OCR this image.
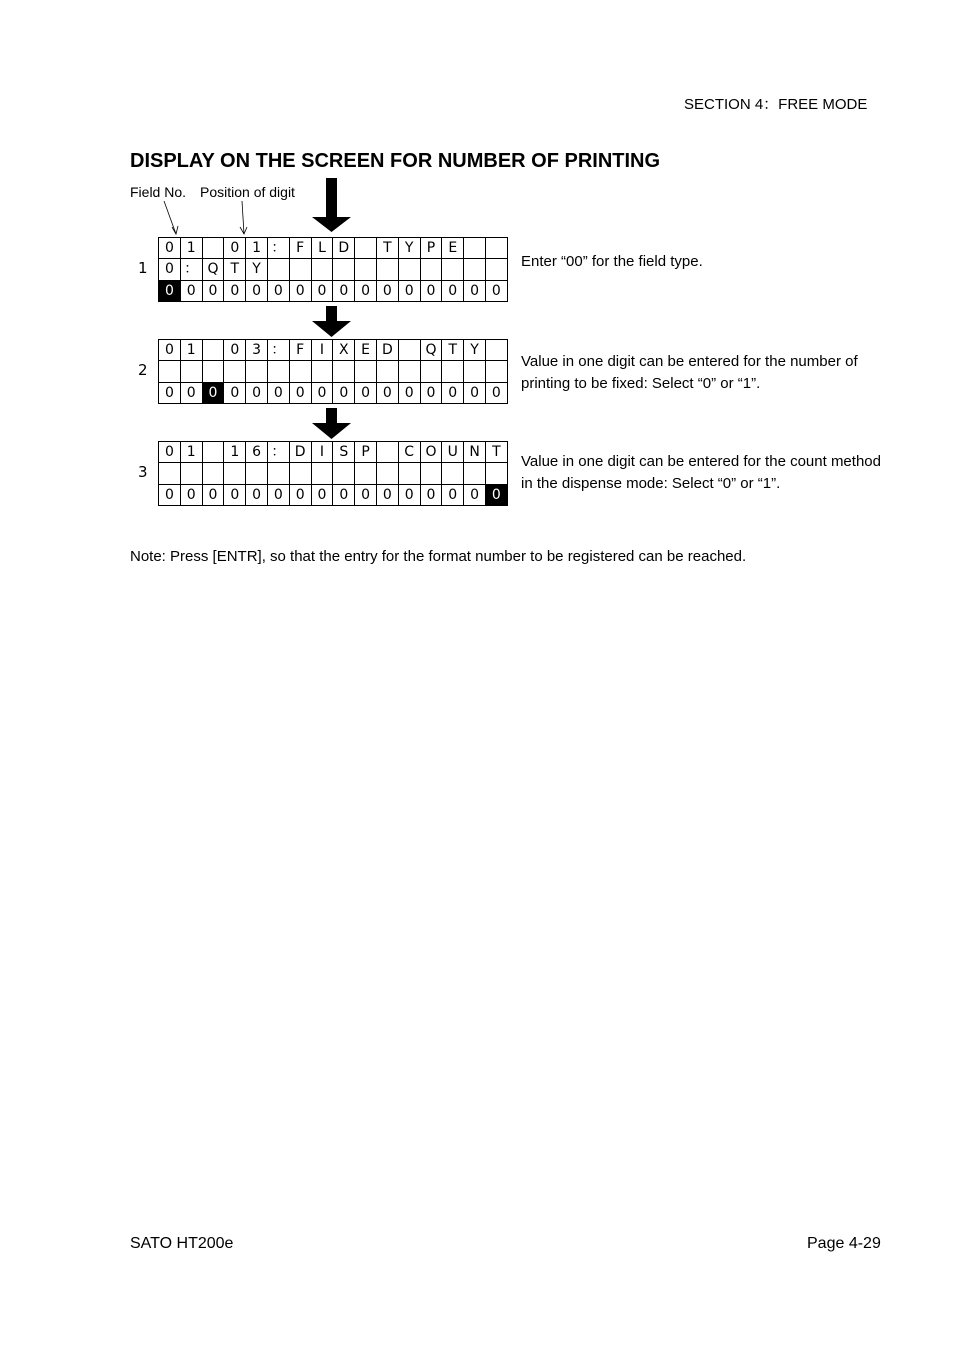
SECTION 4：FREE MODE
DISPLAY ON THE SCREEN FOR NUMBER OF PRINTING
Field No. Position of digit
1
0	1		0	1	：	F	L	D		T	Y	P	E		
0	：	Q	T	Y											
0	0	0	0	0	0	0	0	0	0	0	0	0	0	0	0
Enter “00” for the field type.
2
0	1		0	3	：	F	I	X	E	D		Q	T	Y	

0	0	0	0	0	0	0	0	0	0	0	0	0	0	0	0
Value in one digit can be entered for the number of
printing to be fixed: Select “0” or “1”.
3
0	1		1	6	：	D	I	S	P		C	O	U	N	T

0	0	0	0	0	0	0	0	0	0	0	0	0	0	0	0
Value in one digit can be entered for the count method
in the dispense mode: Select “0” or “1”.
Note: Press [ENTR], so that the entry for the format number to be registered can be reached.
SATO HT200e	Page 4-29
